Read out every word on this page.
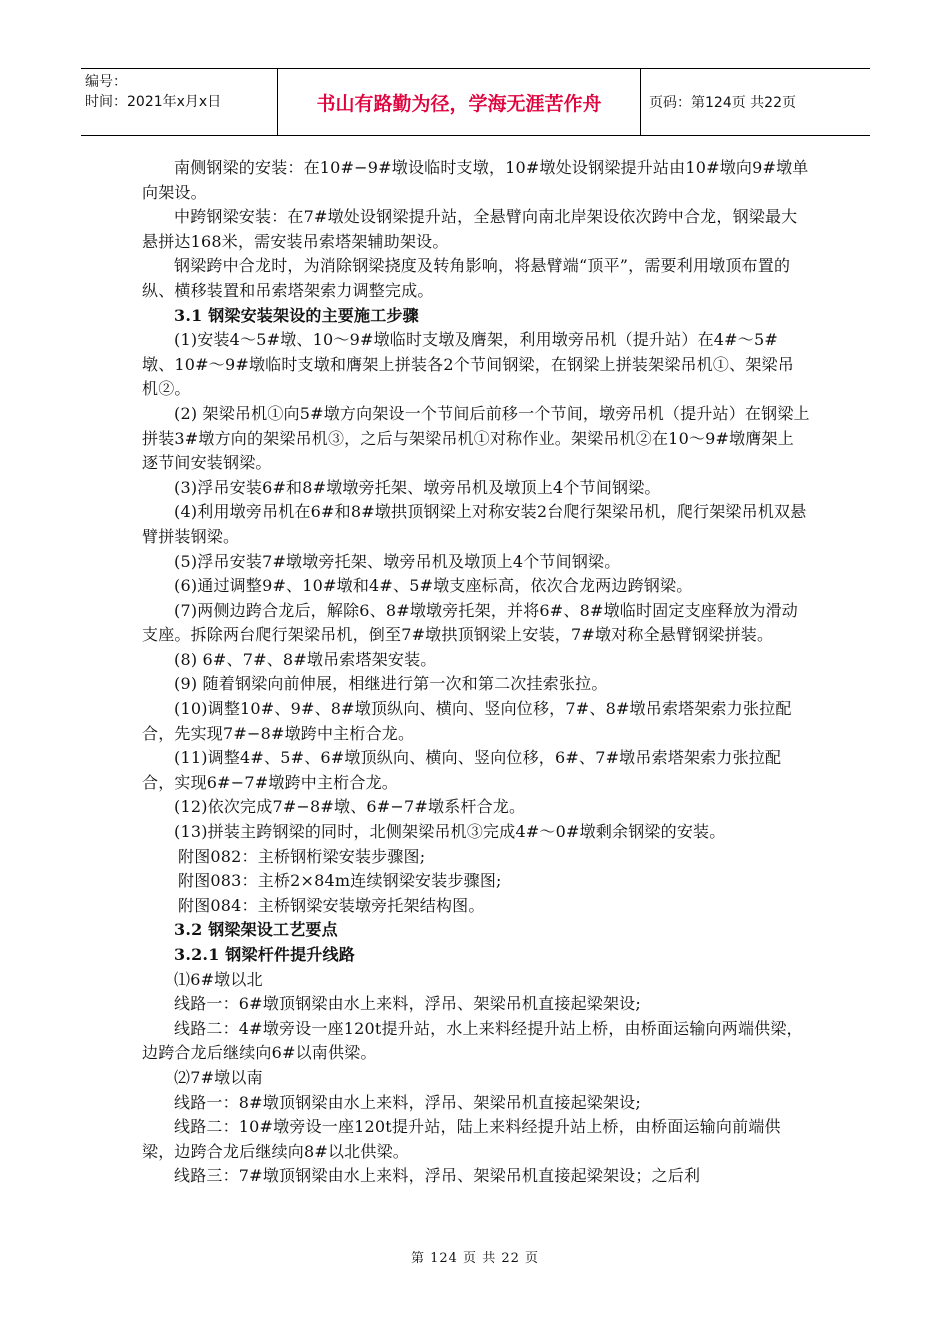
编号：
时间：2021年x月x日	书山有路勤为径，学海无涯苦作舟	页码：第124页 共22页

南侧钢梁的安装：在10#−9#墩设临时支墩，10#墩处设钢梁提升站由10#墩向9#墩单向架设。

中跨钢梁安装：在7#墩处设钢梁提升站，全悬臂向南北岸架设依次跨中合龙，钢梁最大悬拼达168米，需安装吊索塔架辅助架设。

钢梁跨中合龙时，为消除钢梁挠度及转角影响，将悬臂端“顶平”，需要利用墩顶布置的纵、横移装置和吊索塔架索力调整完成。

3.1 钢梁安装架设的主要施工步骤

(1)安装4～5#墩、10～9#墩临时支墩及膺架，利用墩旁吊机（提升站）在4#～5#墩、10#～9#墩临时支墩和膺架上拼装各2个节间钢梁，在钢梁上拼装架梁吊机①、架梁吊机②。

(2) 架梁吊机①向5#墩方向架设一个节间后前移一个节间，墩旁吊机（提升站）在钢梁上拼装3#墩方向的架梁吊机③，之后与架梁吊机①对称作业。架梁吊机②在10～9#墩膺架上逐节间安装钢梁。

(3)浮吊安装6#和8#墩墩旁托架、墩旁吊机及墩顶上4个节间钢梁。

(4)利用墩旁吊机在6#和8#墩拱顶钢梁上对称安装2台爬行架梁吊机，爬行架梁吊机双悬臂拼装钢梁。

(5)浮吊安装7#墩墩旁托架、墩旁吊机及墩顶上4个节间钢梁。

(6)通过调整9#、10#墩和4#、5#墩支座标高，依次合龙两边跨钢梁。

(7)两侧边跨合龙后，解除6、8#墩墩旁托架，并将6#、8#墩临时固定支座释放为滑动支座。拆除两台爬行架梁吊机，倒至7#墩拱顶钢梁上安装，7#墩对称全悬臂钢梁拼装。

(8) 6#、7#、8#墩吊索塔架安装。

(9) 随着钢梁向前伸展，相继进行第一次和第二次挂索张拉。

(10)调整10#、9#、8#墩顶纵向、横向、竖向位移，7#、8#墩吊索塔架索力张拉配合，先实现7#−8#墩跨中主桁合龙。

(11)调整4#、5#、6#墩顶纵向、横向、竖向位移，6#、7#墩吊索塔架索力张拉配合，实现6#−7#墩跨中主桁合龙。

(12)依次完成7#−8#墩、6#−7#墩系杆合龙。

(13)拼装主跨钢梁的同时，北侧架梁吊机③完成4#～0#墩剩余钢梁的安装。

附图082：主桥钢桁梁安装步骤图;

附图083：主桥2×84m连续钢梁安装步骤图;

附图084：主桥钢梁安装墩旁托架结构图。

3.2 钢梁架设工艺要点

3.2.1 钢梁杆件提升线路

⑴6#墩以北

线路一：6#墩顶钢梁由水上来料，浮吊、架梁吊机直接起梁架设;

线路二：4#墩旁设一座120t提升站，水上来料经提升站上桥，由桥面运输向两端供梁，边跨合龙后继续向6#以南供梁。

⑵7#墩以南

线路一：8#墩顶钢梁由水上来料，浮吊、架梁吊机直接起梁架设;

线路二：10#墩旁设一座120t提升站，陆上来料经提升站上桥，由桥面运输向前端供梁，边跨合龙后继续向8#以北供梁。

线路三：7#墩顶钢梁由水上来料，浮吊、架梁吊机直接起梁架设；之后利

第 124 页 共 22 页
